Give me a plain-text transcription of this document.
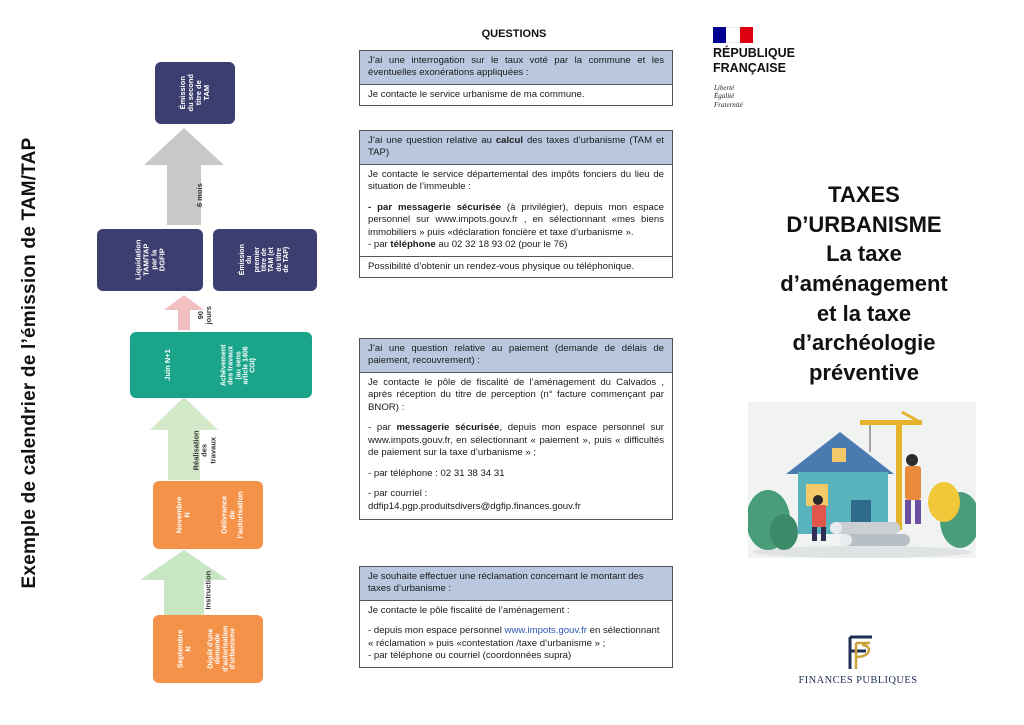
Exemple de calendrier de l’émission de TAM/TAP
Émission
du second
titre de
TAM
Liquidation
TAM/TAP
par la
DGFIP	Émission
du
premier
titre de
TAM (et
du titre
de TAP)
Juin N+1	Achèvement
des travaux
(au sens
article 1406
CGI)
Novembre
N	Délivrance
de
l’autorisation
Septembre
N
Dépôt d'une
demande
d'autorisation
d'urbanisme
6 mois
90
jours
Réalisation
des
travaux
Instruction
QUESTIONS
J’ai une interrogation sur le taux voté par la commune et les éventuelles exonérations appliquées :
Je contacte le service urbanisme de ma commune.
J’ai une question relative au calcul des taxes d’urbanisme (TAM et TAP)

Je contacte le service départemental des impôts fonciers du lieu de situation de l’immeuble :

- par messagerie sécurisée (à privilégier), depuis mon espace personnel sur www.impots.gouv.fr , en sélectionnant «mes biens immobiliers » puis «déclaration foncière et taxe d’urbanisme ».

- par téléphone au 02 32 18 93 02 (pour le 76)

Possibilité d’obtenir un rendez-vous physique ou téléphonique.
J’ai une question relative au paiement (demande de délais de paiement, recouvrement) :

Je contacte le pôle de fiscalité de l’aménagement du Calvados , après réception du titre de perception (n° facture commençant par BNOR) :

- par messagerie sécurisée, depuis mon espace personnel sur www.impots.gouv.fr, en sélectionnant « paiement », puis « difficultés de paiement sur la taxe d’urbanisme » ;

- par téléphone : 02 31 38 34 31

- par courriel :
ddfip14.pgp.produitsdivers@dgfip.finances.gouv.fr

Je souhaite effectuer une réclamation concernant le montant des taxes d’urbanisme :

Je contacte le pôle fiscalité de l’aménagement :

- depuis mon espace personnel www.impots.gouv.fr en sélectionnant « réclamation » puis «contestation /taxe d’urbanisme » ;

- par téléphone ou courriel (coordonnées supra)

RÉPUBLIQUE
FRANÇAISE
Liberté
Égalité
Fraternité
TAXES
D’URBANISME
La taxe
d’aménagement
et la taxe
d’archéologie
préventive
FINANCES PUBLIQUES
